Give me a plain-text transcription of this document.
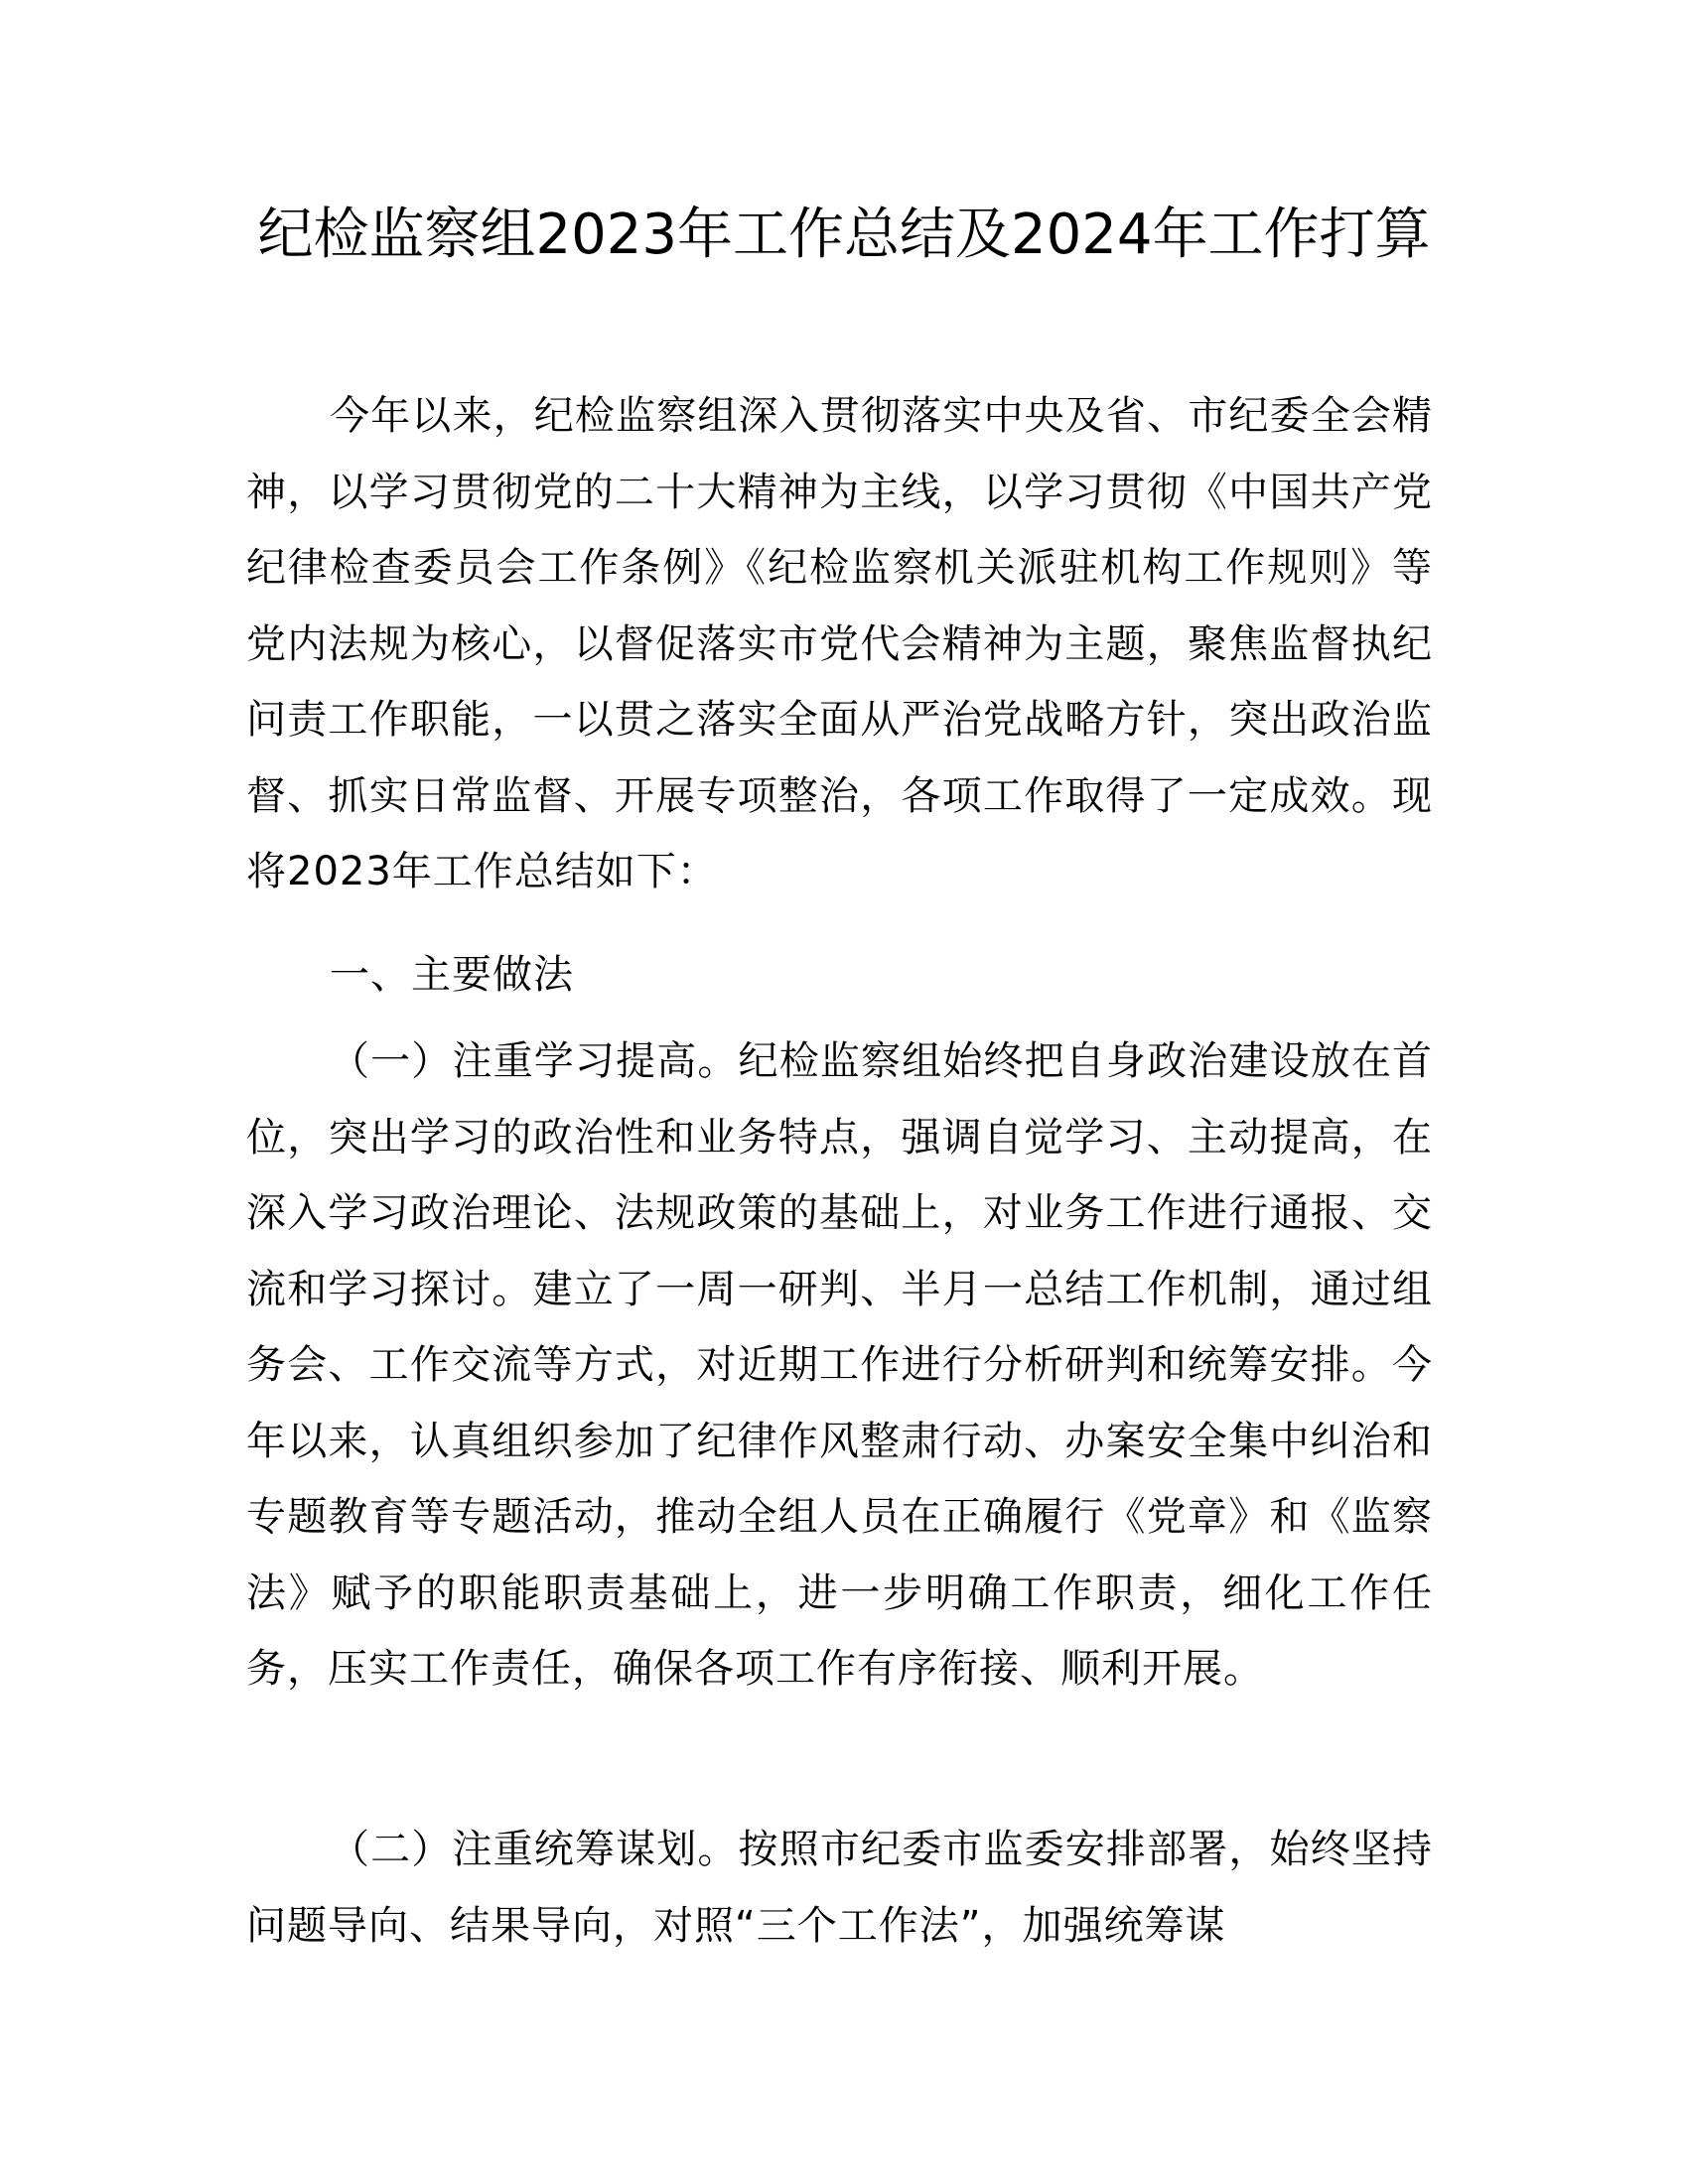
纪检监察组2023年工作总结及2024年工作打算

今年以来，纪检监察组深入贯彻落实中央及省、市纪委全会精神，以学习贯彻党的二十大精神为主线，以学习贯彻《中国共产党纪律检查委员会工作条例》《纪检监察机关派驻机构工作规则》等党内法规为核心，以督促落实市党代会精神为主题，聚焦监督执纪问责工作职能，一以贯之落实全面从严治党战略方针，突出政治监督、抓实日常监督、开展专项整治，各项工作取得了一定成效。现将2023年工作总结如下：

一、主要做法

（一）注重学习提高。纪检监察组始终把自身政治建设放在首位，突出学习的政治性和业务特点，强调自觉学习、主动提高，在深入学习政治理论、法规政策的基础上，对业务工作进行通报、交流和学习探讨。建立了一周一研判、半月一总结工作机制，通过组务会、工作交流等方式，对近期工作进行分析研判和统筹安排。今年以来，认真组织参加了纪律作风整肃行动、办案安全集中纠治和专题教育等专题活动，推动全组人员在正确履行《党章》和《监察法》赋予的职能职责基础上，进一步明确工作职责，细化工作任务，压实工作责任，确保各项工作有序衔接、顺利开展。

（二）注重统筹谋划。按照市纪委市监委安排部署，始终坚持问题导向、结果导向，对照“三个工作法”，加强统筹谋
